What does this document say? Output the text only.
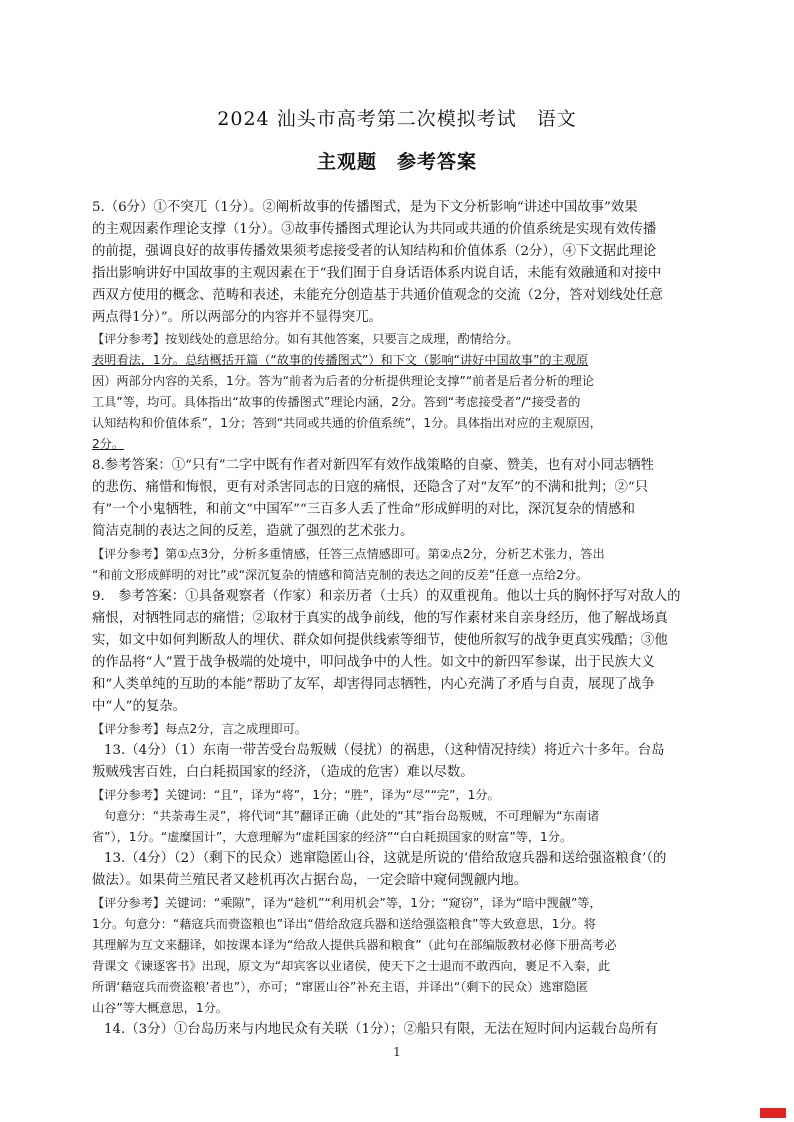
2024 汕头市高考第二次模拟考试　语文
主观题　参考答案
5.（6分）①不突兀（1分）。②阐析故事的传播图式，是为下文分析影响“讲述中国故事”效果
的主观因素作理论支撑（1分）。③故事传播图式理论认为共同或共通的价值系统是实现有效传播
的前提，强调良好的故事传播效果须考虑接受者的认知结构和价值体系（2分），④下文据此理论
指出影响讲好中国故事的主观因素在于“我们囿于自身话语体系内说自话，未能有效融通和对接中
西双方使用的概念、范畴和表述，未能充分创造基于共通价值观念的交流（2分，答对划线处任意
两点得1分）”。所以两部分的内容并不显得突兀。
【评分参考】按划线处的意思给分。如有其他答案，只要言之成理，酌情给分。
表明看法，1分。总结概括开篇（“故事的传播图式”）和下文（影响“讲好中国故事”的主观原
因）两部分内容的关系，1分。答为“前者为后者的分析提供理论支撑”“前者是后者分析的理论
工具”等，均可。具体指出“故事的传播图式”理论内涵，2分。答到“考虑接受者”/“接受者的
认知结构和价值体系”，1分；答到“共同或共通的价值系统”，1分。具体指出对应的主观原因，
2分。
8.参考答案：①“只有”二字中既有作者对新四军有效作战策略的自豪、赞美，也有对小同志牺牲
的悲伤、痛惜和悔恨，更有对杀害同志的日寇的痛恨，还隐含了对“友军”的不满和批判；②“只
有”一个小鬼牺牲，和前文“中国军”“三百多人丢了性命”形成鲜明的对比，深沉复杂的情感和
简洁克制的表达之间的反差，造就了强烈的艺术张力。
【评分参考】第①点3分，分析多重情感，任答三点情感即可。第②点2分，分析艺术张力，答出
“和前文形成鲜明的对比”或“深沉复杂的情感和简洁克制的表达之间的反差”任意一点给2分。
9.　参考答案：①具备观察者（作家）和亲历者（士兵）的双重视角。他以士兵的胸怀抒写对敌人的
痛恨，对牺牲同志的痛惜；②取材于真实的战争前线，他的写作素材来自亲身经历，他了解战场真
实，如文中如何判断敌人的埋伏、群众如何提供线索等细节，使他所叙写的战争更真实残酷；③他
的作品将“人”置于战争极端的处境中，叩问战争中的人性。如文中的新四军参谋，出于民族大义
和“人类单纯的互助的本能”帮助了友军，却害得同志牺牲，内心充满了矛盾与自责，展现了战争
中“人”的复杂。
【评分参考】每点2分，言之成理即可。
13.（4分）（1）东南一带苦受台岛叛贼（侵扰）的祸患，（这种情况持续）将近六十多年。台岛
叛贼残害百姓，白白耗损国家的经济，（造成的危害）难以尽数。
【评分参考】关键词：“且”，译为“将”，1分；“胜”，译为“尽”“完”，1分。
句意分：“共荼毒生灵”，将代词“其”翻译正确（此处的“其”指台岛叛贼，不可理解为“东南诸
省”），1分。“虚糜国计”，大意理解为“虚耗国家的经济”“白白耗损国家的财富”等，1分。
13.（4分）（2）（剩下的民众）逃窜隐匿山谷，这就是所说的‘借给敌寇兵器和送给强盗粮食’（的
做法）。如果荷兰殖民者又趁机再次占据台岛，一定会暗中窥伺觊觎内地。
【评分参考】关键词：“乘隙”，译为“趁机”“利用机会”等，1分；“窥窃”，译为“暗中觊觎”等，
1分。句意分：“藉寇兵而赍盗粮也”译出“借给敌寇兵器和送给强盗粮食”等大致意思，1分。将
其理解为互文来翻译，如按课本译为“给敌人提供兵器和粮食”（此句在部编版教材必修下册高考必
背课文《谏逐客书》出现，原文为“却宾客以业诸侯，使天下之士退而不敢西向，裹足不入秦，此
所谓‘藉寇兵而赍盗粮’者也”），亦可；“窜匿山谷”补充主语，并译出“（剩下的民众）逃窜隐匿
山谷”等大概意思，1分。
14.（3分）①台岛历来与内地民众有关联（1分）；②船只有限，无法在短时间内运载台岛所有
1
